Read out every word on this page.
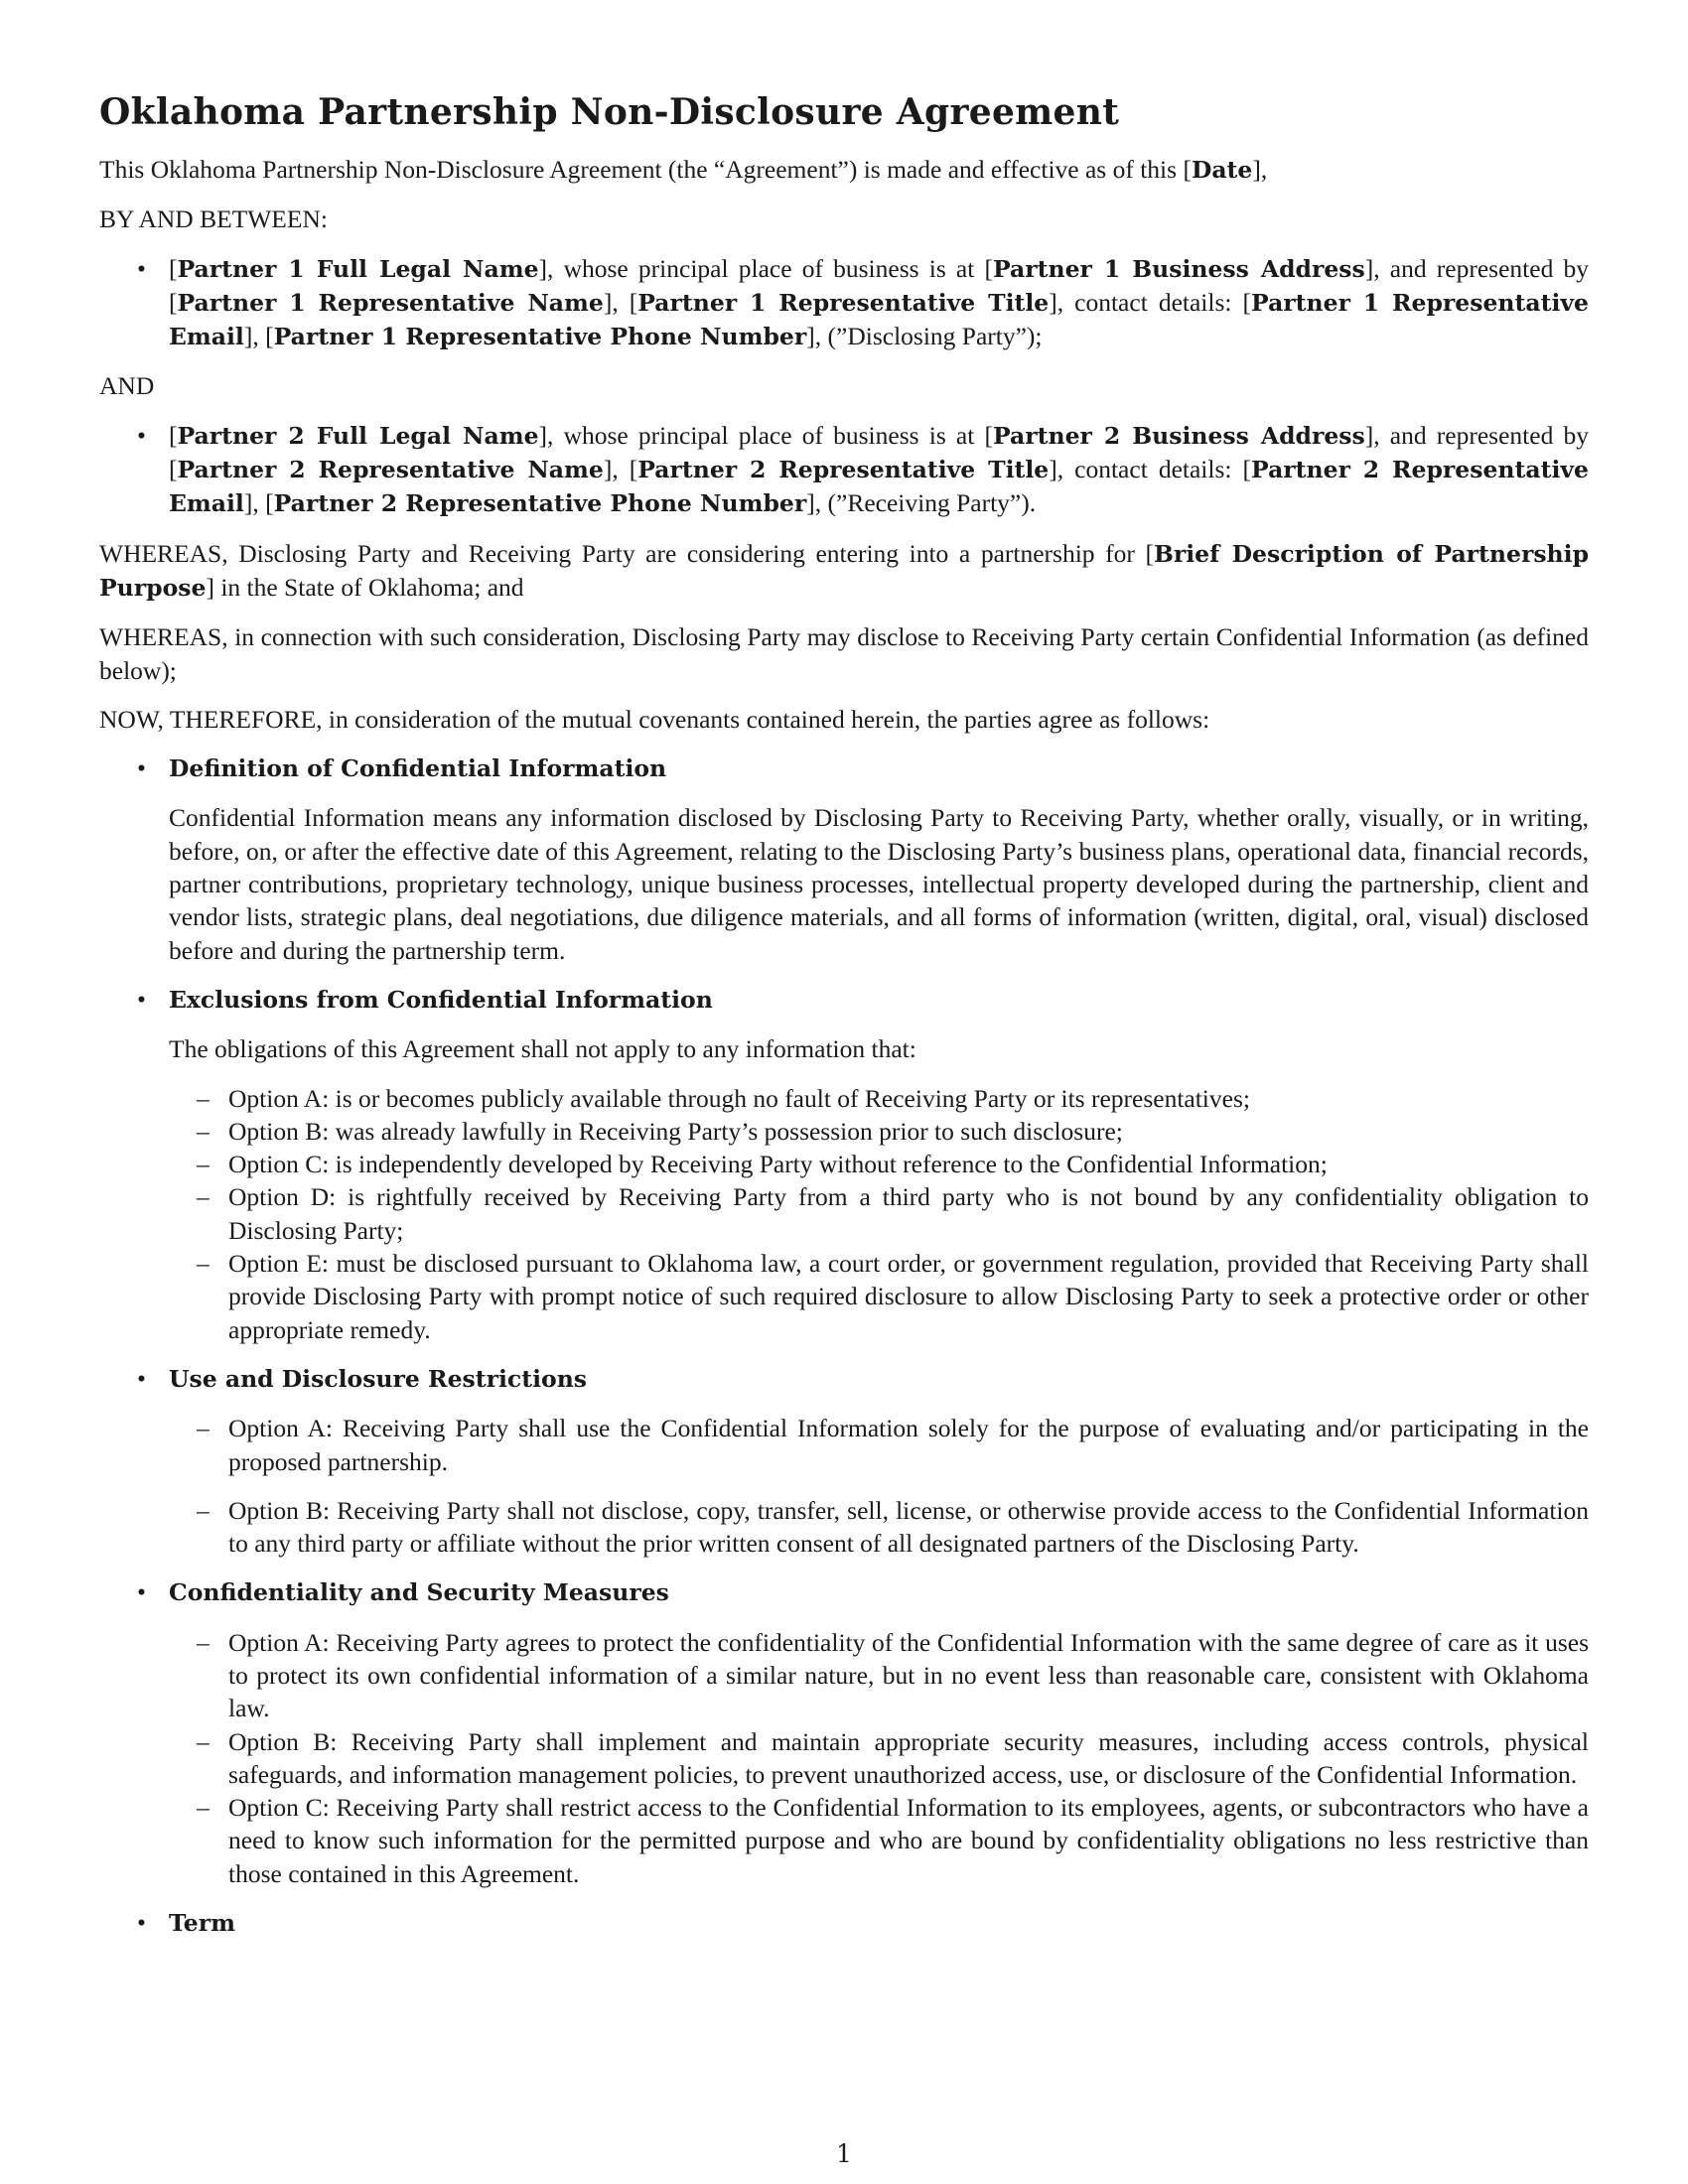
Oklahoma Partnership Non-Disclosure Agreement

This Oklahoma Partnership Non-Disclosure Agreement (the “Agreement”) is made and effective as of this [Date],

BY AND BETWEEN:

• [Partner 1 Full Legal Name], whose principal place of business is at [Partner 1 Business Address], and represented by [Partner 1 Representative Name], [Partner 1 Representative Title], contact details: [Partner 1 Representative Email], [Partner 1 Representative Phone Number], (”Disclosing Party”);

AND

• [Partner 2 Full Legal Name], whose principal place of business is at [Partner 2 Business Address], and represented by [Partner 2 Representative Name], [Partner 2 Representative Title], contact details: [Partner 2 Representative Email], [Partner 2 Representative Phone Number], (”Receiving Party”).

WHEREAS, Disclosing Party and Receiving Party are considering entering into a partnership for [Brief Description of Partnership Purpose] in the State of Oklahoma; and

WHEREAS, in connection with such consideration, Disclosing Party may disclose to Receiving Party certain Confidential Information (as defined below);

NOW, THEREFORE, in consideration of the mutual covenants contained herein, the parties agree as follows:

• Definition of Confidential Information

Confidential Information means any information disclosed by Disclosing Party to Receiving Party, whether orally, visually, or in writing, before, on, or after the effective date of this Agreement, relating to the Disclosing Party’s business plans, operational data, financial records, partner contributions, proprietary technology, unique business processes, intellectual property developed during the partnership, client and vendor lists, strategic plans, deal negotiations, due diligence materials, and all forms of information (written, digital, oral, visual) disclosed before and during the partnership term.

• Exclusions from Confidential Information

The obligations of this Agreement shall not apply to any information that:

– Option A: is or becomes publicly available through no fault of Receiving Party or its representatives;
– Option B: was already lawfully in Receiving Party’s possession prior to such disclosure;
– Option C: is independently developed by Receiving Party without reference to the Confidential Information;
– Option D: is rightfully received by Receiving Party from a third party who is not bound by any confidentiality obligation to Disclosing Party;
– Option E: must be disclosed pursuant to Oklahoma law, a court order, or government regulation, provided that Receiving Party shall provide Disclosing Party with prompt notice of such required disclosure to allow Disclosing Party to seek a protective order or other appropriate remedy.
• Use and Disclosure Restrictions
– Option A: Receiving Party shall use the Confidential Information solely for the purpose of evaluating and/or participating in the proposed partnership.
– Option B: Receiving Party shall not disclose, copy, transfer, sell, license, or otherwise provide access to the Confidential Information to any third party or affiliate without the prior written consent of all designated partners of the Disclosing Party.
• Confidentiality and Security Measures
– Option A: Receiving Party agrees to protect the confidentiality of the Confidential Information with the same degree of care as it uses to protect its own confidential information of a similar nature, but in no event less than reasonable care, consistent with Oklahoma law.
– Option B: Receiving Party shall implement and maintain appropriate security measures, including access controls, physical safeguards, and information management policies, to prevent unauthorized access, use, or disclosure of the Confidential Information.
– Option C: Receiving Party shall restrict access to the Confidential Information to its employees, agents, or subcontractors who have a need to know such information for the permitted purpose and who are bound by confidentiality obligations no less restrictive than those contained in this Agreement.
• Term
1
